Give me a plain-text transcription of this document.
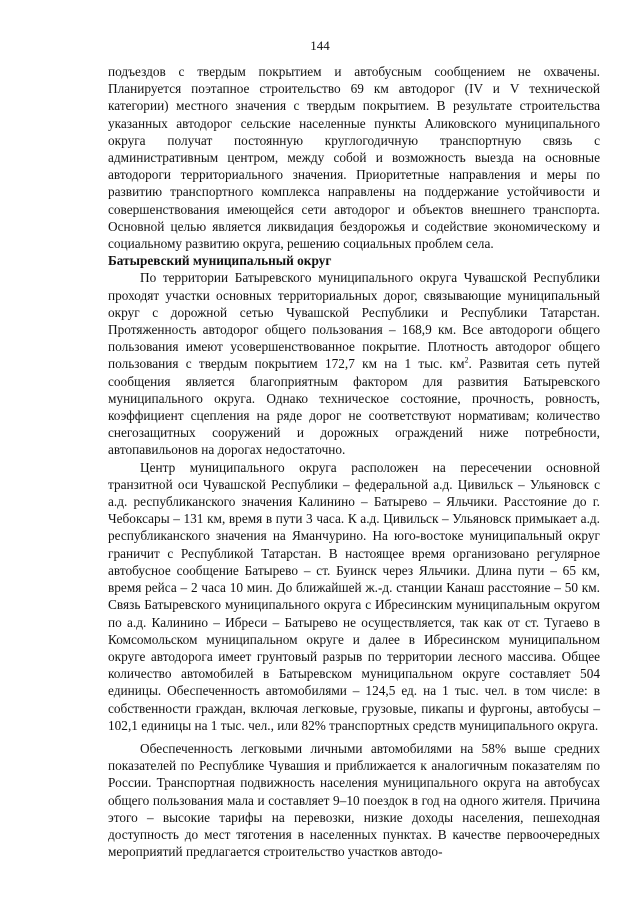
144

подъездов с твердым покрытием и автобусным сообщением не охвачены. Планируется поэтапное строительство 69 км автодорог (IV и V технической категории) местного значения с твердым покрытием. В результате строительства указанных автодорог сельские населенные пункты Аликовского муниципального округа получат постоянную круглогодичную транспортную связь с административным центром, между собой и возможность выезда на основные автодороги территориального значения. Приоритетные направления и меры по развитию транспортного комплекса направлены на поддержание устойчивости и совершенствования имеющейся сети автодорог и объектов внешнего транспорта. Основной целью является ликвидация бездорожья и содействие экономическому и социальному развитию округа, решению социальных проблем села.

Батыревский муниципальный округ

По территории Батыревского муниципального округа Чувашской Республики проходят участки основных территориальных дорог, связывающие муниципальный округ с дорожной сетью Чувашской Республики и Республики Татарстан. Протяженность автодорог общего пользования – 168,9 км. Все автодороги общего пользования имеют усовершенствованное покрытие. Плотность автодорог общего пользования с твердым покрытием 172,7 км на 1 тыс. $км^2$. Развитая сеть путей сообщения является благоприятным фактором для развития Батыревского муниципального округа. Однако техническое состояние, прочность, ровность, коэффициент сцепления на ряде дорог не соответствуют нормативам; количество снегозащитных сооружений и дорожных ограждений ниже потребности, автопавильонов на дорогах недостаточно.

Центр муниципального округа расположен на пересечении основной транзитной оси Чувашской Республики – федеральной а.д. Цивильск – Ульяновск с а.д. республиканского значения Калинино – Батырево – Яльчики. Расстояние до г. Чебоксары – 131 км, время в пути 3 часа. К а.д. Цивильск – Ульяновск примыкает а.д. республиканского значения на Яманчурино. На юго-востоке муниципальный округ граничит с Республикой Татарстан. В настоящее время организовано регулярное автобусное сообщение Батырево – ст. Буинск через Яльчики. Длина пути – 65 км, время рейса – 2 часа 10 мин. До ближайшей ж.-д. станции Канаш расстояние – 50 км. Связь Батыревского муниципального округа с Ибресинским муниципальным округом по а.д. Калинино – Ибреси – Батырево не осуществляется, так как от ст. Тугаево в Комсомольском муниципальном округе и далее в Ибресинском муниципальном округе автодорога имеет грунтовый разрыв по территории лесного массива. Общее количество автомобилей в Батыревском муниципальном округе составляет 504 единицы. Обеспеченность автомобилями – 124,5 ед. на 1 тыс. чел. в том числе: в собственности граждан, включая легковые, грузовые, пикапы и фургоны, автобусы – 102,1 единицы на 1 тыс. чел., или 82% транспортных средств муниципального округа.

Обеспеченность легковыми личными автомобилями на 58% выше средних показателей по Республике Чувашия и приближается к аналогичным показателям по России. Транспортная подвижность населения муниципального округа на автобусах общего пользования мала и составляет 9–10 поездок в год на одного жителя. Причина этого – высокие тарифы на перевозки, низкие доходы населения, пешеходная доступность до мест тяготения в населенных пунктах. В качестве первоочередных мероприятий предлагается строительство участков автодо-
